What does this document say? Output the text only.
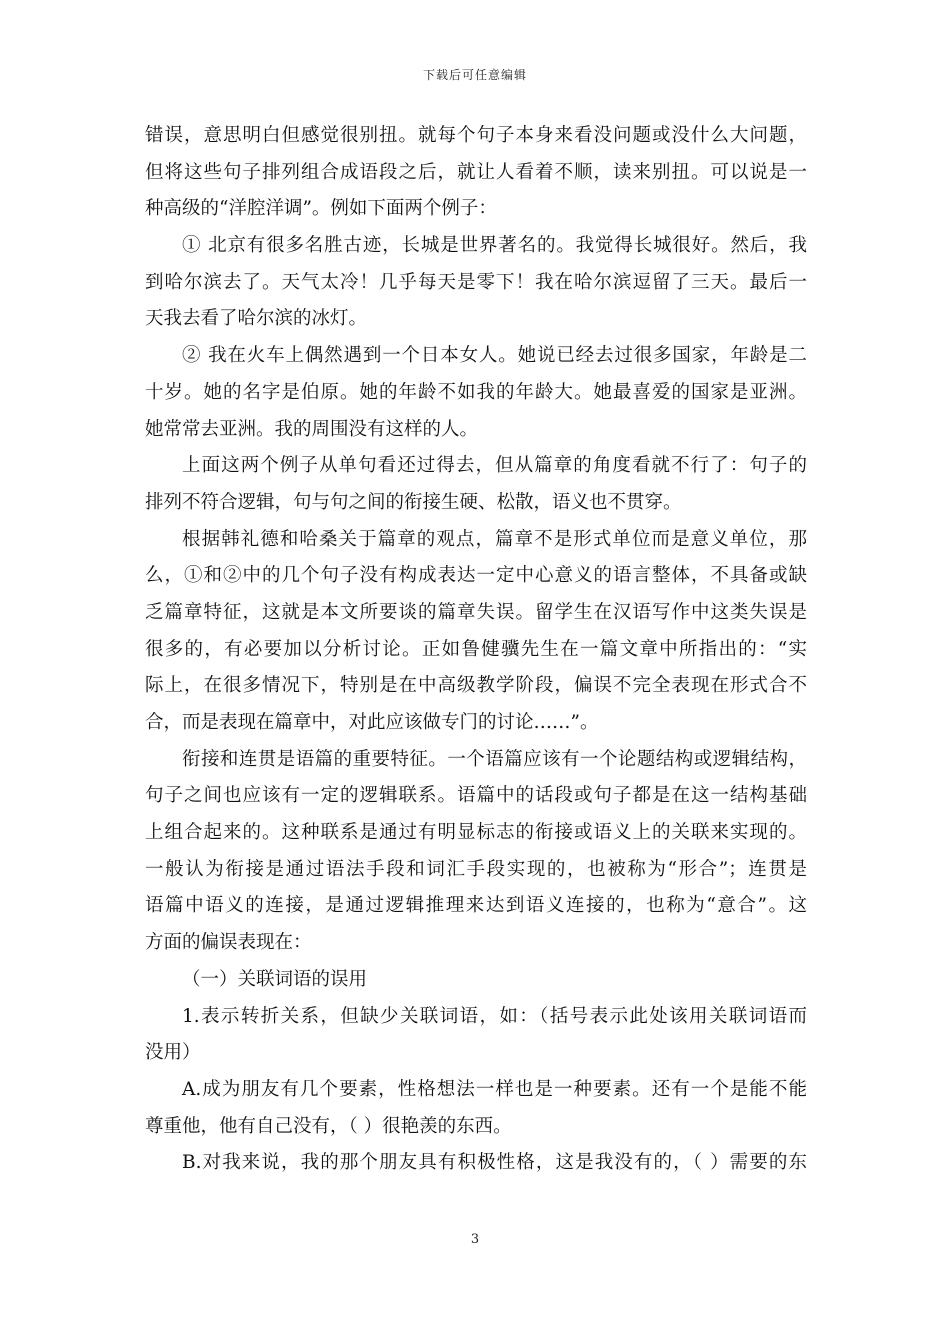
下载后可任意编辑
错误，意思明白但感觉很别扭。就每个句子本身来看没问题或没什么大问题，
但将这些句子排列组合成语段之后，就让人看着不顺，读来别扭。可以说是一
种高级的“洋腔洋调”。例如下面两个例子：
① 北京有很多名胜古迹，长城是世界著名的。我觉得长城很好。然后，我
到哈尔滨去了。天气太冷！几乎每天是零下！我在哈尔滨逗留了三天。最后一
天我去看了哈尔滨的冰灯。
② 我在火车上偶然遇到一个日本女人。她说已经去过很多国家，年龄是二
十岁。她的名字是伯原。她的年龄不如我的年龄大。她最喜爱的国家是亚洲。
她常常去亚洲。我的周围没有这样的人。
上面这两个例子从单句看还过得去，但从篇章的角度看就不行了：句子的
排列不符合逻辑，句与句之间的衔接生硬、松散，语义也不贯穿。
根据韩礼德和哈桑关于篇章的观点，篇章不是形式单位而是意义单位，那
么，①和②中的几个句子没有构成表达一定中心意义的语言整体，不具备或缺
乏篇章特征，这就是本文所要谈的篇章失误。留学生在汉语写作中这类失误是
很多的，有必要加以分析讨论。正如鲁健骥先生在一篇文章中所指出的：“实
际上，在很多情况下，特别是在中高级教学阶段，偏误不完全表现在形式合不
合，而是表现在篇章中，对此应该做专门的讨论……”。
衔接和连贯是语篇的重要特征。一个语篇应该有一个论题结构或逻辑结构，
句子之间也应该有一定的逻辑联系。语篇中的话段或句子都是在这一结构基础
上组合起来的。这种联系是通过有明显标志的衔接或语义上的关联来实现的。
一般认为衔接是通过语法手段和词汇手段实现的，也被称为“形合”；连贯是
语篇中语义的连接，是通过逻辑推理来达到语义连接的，也称为“意合”。这
方面的偏误表现在：
（一）关联词语的误用
1.表示转折关系，但缺少关联词语，如：（括号表示此处该用关联词语而
没用）
A.成为朋友有几个要素，性格想法一样也是一种要素。还有一个是能不能
尊重他，他有自己没有，（ ）很艳羡的东西。
B.对我来说，我的那个朋友具有积极性格，这是我没有的，（ ）需要的东
3
